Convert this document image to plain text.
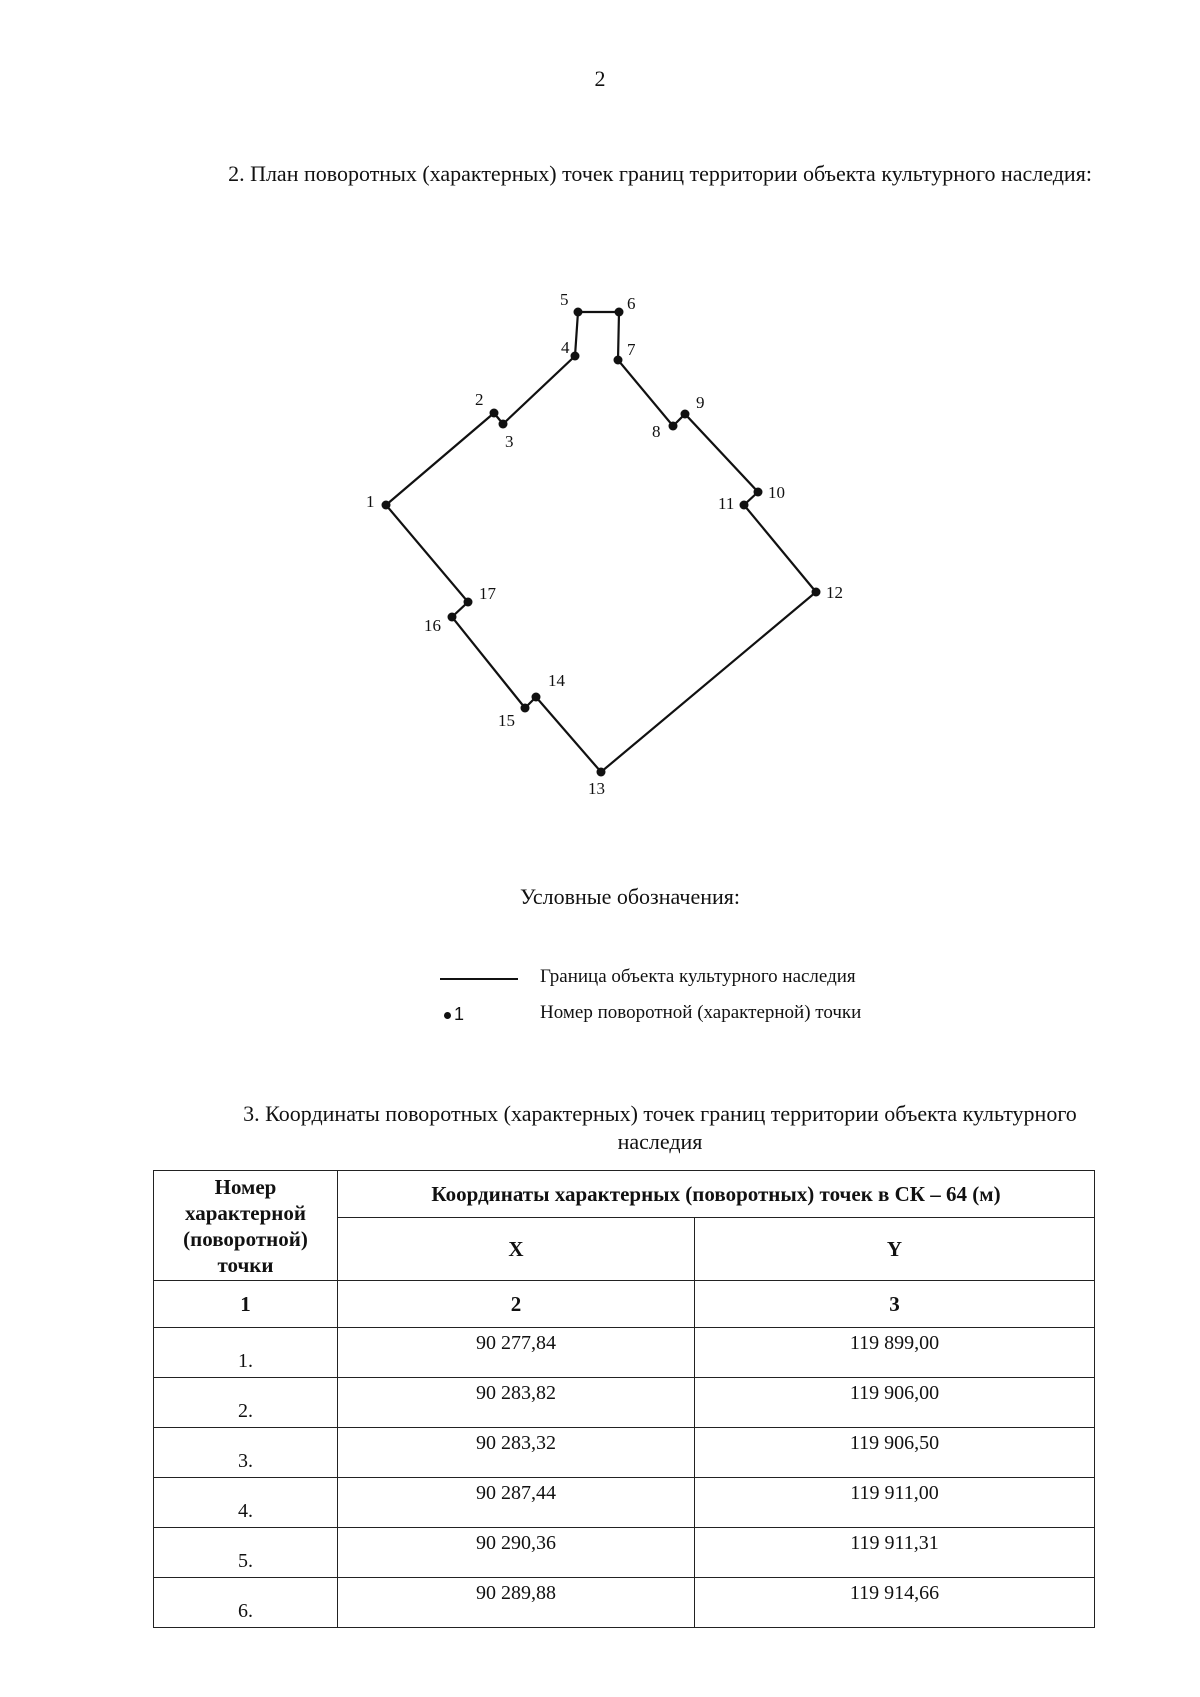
2
2. План поворотных (характерных) точек границ территории объекта культурного наследия:
1
2
3
4
5	6
7
8
9
10
11
12
13
14
15
16
17
Условные обозначения:
Граница объекта культурного наследия
1	Номер поворотной (характерной) точки
3. Координаты поворотных (характерных) точек границ территории объекта культурного наследия
Номер характерной (поворотной) точки	Координаты характерных (поворотных) точек в СК – 64 (м)	
	X	Y
1	2	3
1.	90 277,84	119 899,00
2.	90 283,82	119 906,00
3.	90 283,32	119 906,50
4.	90 287,44	119 911,00
5.	90 290,36	119 911,31
6.	90 289,88	119 914,66
